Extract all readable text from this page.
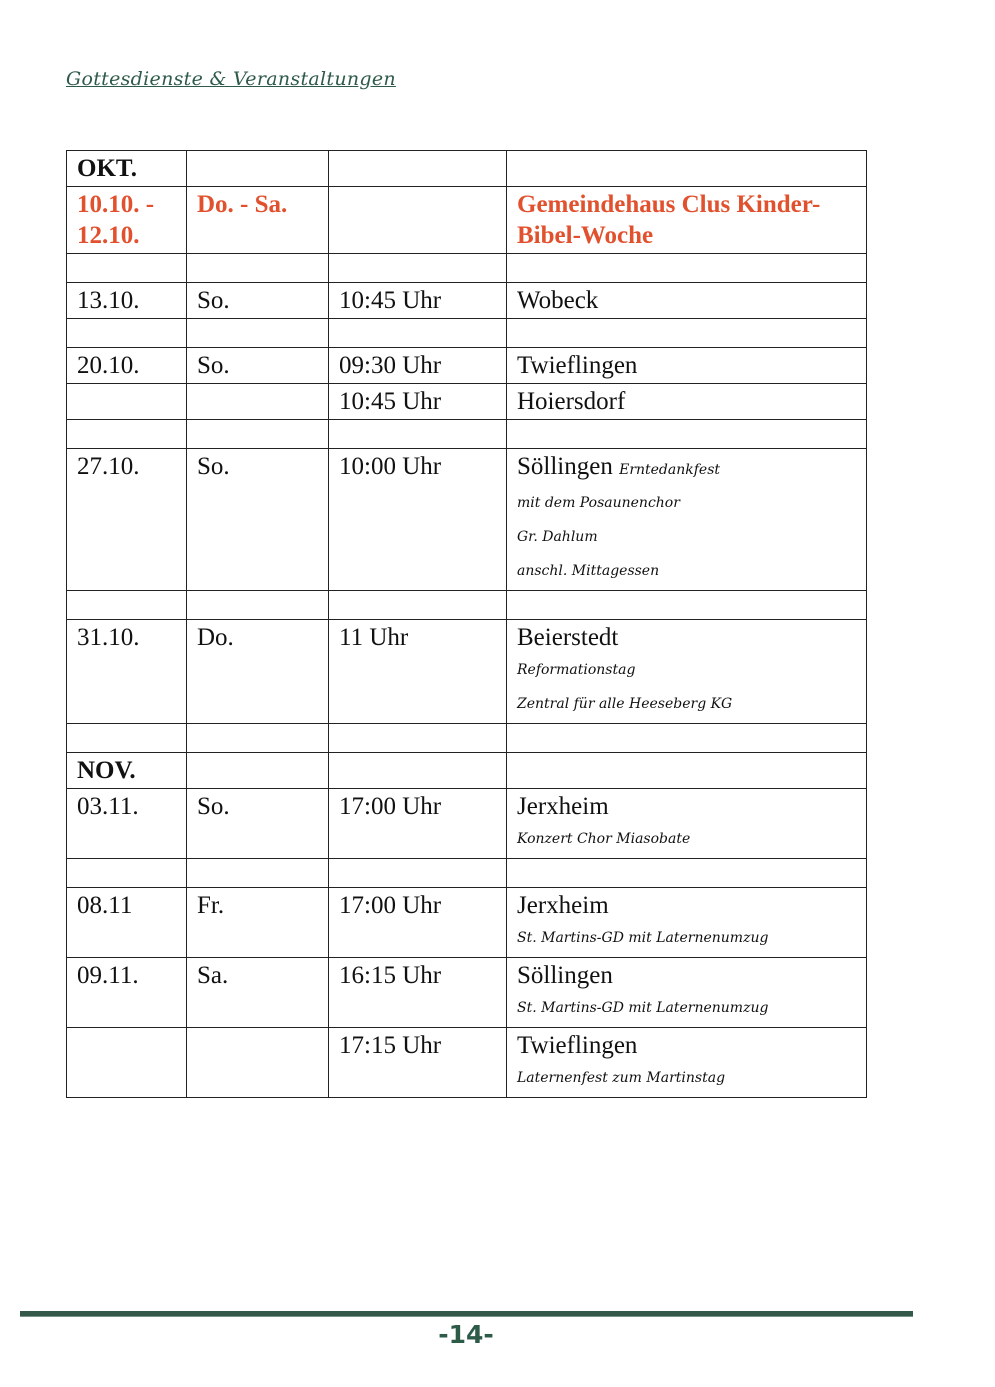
Gottesdienste & Veranstaltungen
OKT.			
10.10. - 12.10.	Do. - Sa.		Gemeindehaus Clus Kinder-Bibel-Woche

13.10.	So.	10:45 Uhr	Wobeck

20.10.	So.	09:30 Uhr	Twieflingen
		10:45 Uhr	Hoiersdorf

27.10.	So.	10:00 Uhr	Söllingen Erntedankfest
mit dem Posaunenchor
Gr. Dahlum
anschl. Mittagessen

31.10.	Do.	11 Uhr	Beierstedt
Reformationstag
Zentral für alle Heeseberg KG

NOV.			
03.11.	So.	17:00 Uhr	Jerxheim
Konzert Chor Miasobate

08.11	Fr.	17:00 Uhr	Jerxheim
St. Martins-GD mit Laternenumzug

09.11.	Sa.	16:15 Uhr	Söllingen
St. Martins-GD mit Laternenumzug

		17:15 Uhr	Twieflingen
Laternenfest zum Martinstag
-14-
